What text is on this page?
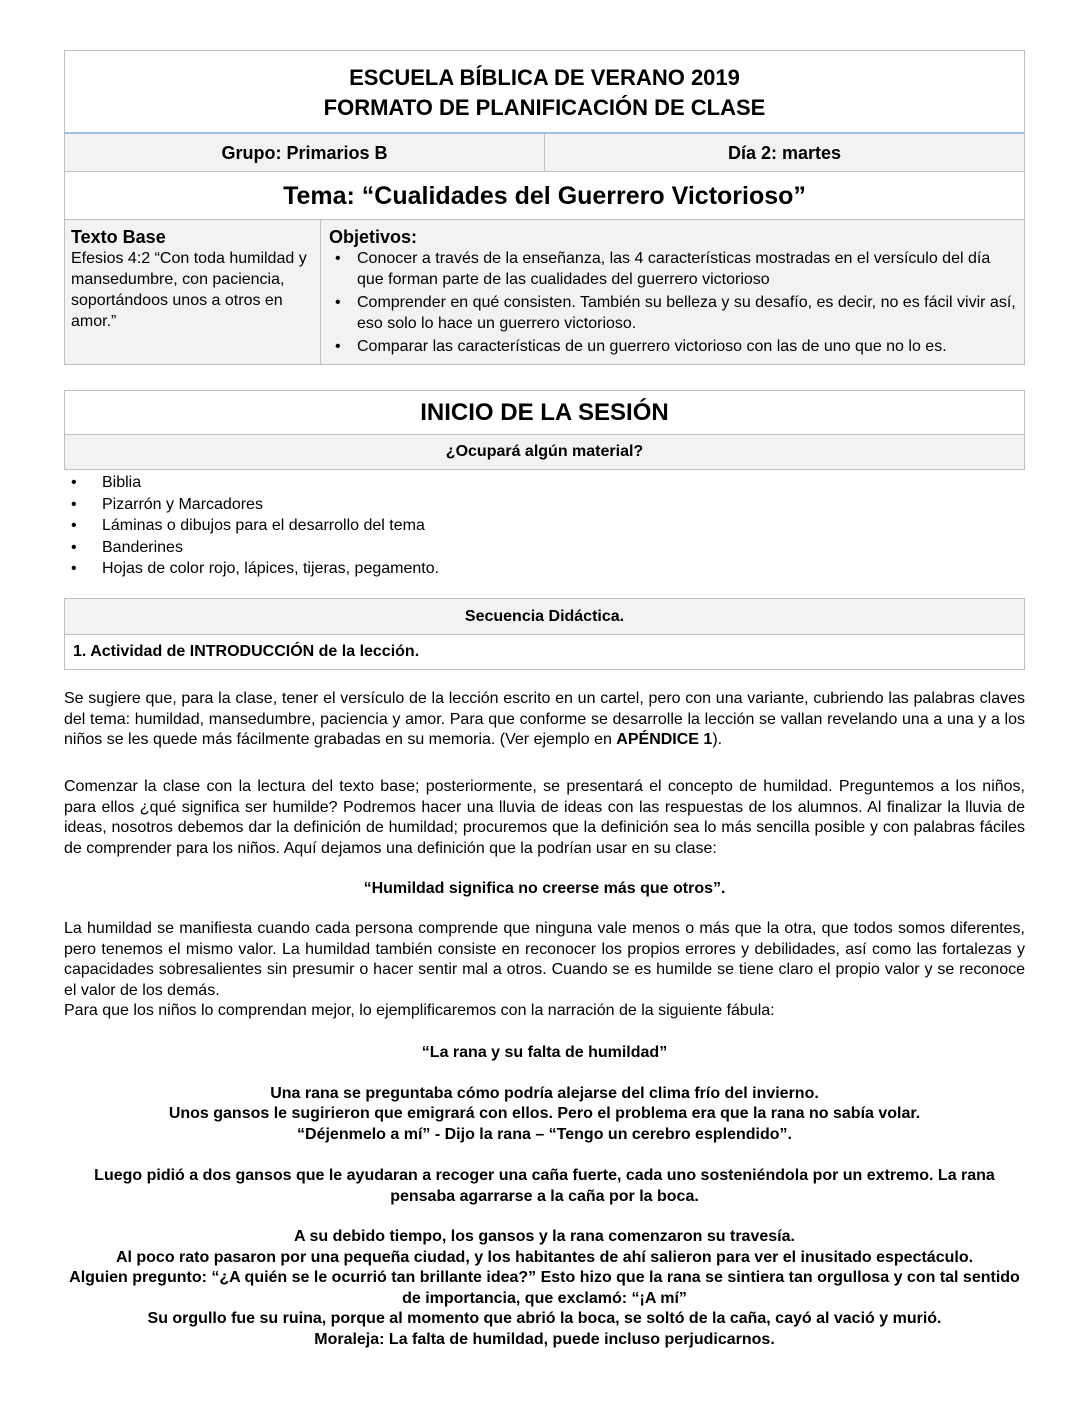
ESCUELA BÍBLICA DE VERANO 2019
FORMATO DE PLANIFICACIÓN DE CLASE
Grupo: Primarios B	Día 2: martes
Tema: “Cualidades del Guerrero Victorioso”
Texto Base
Efesios 4:2 “Con toda humildad y mansedumbre, con paciencia, soportándoos unos a otros en amor.”
Objetivos:
• Conocer a través de la enseñanza, las 4 características mostradas en el versículo del día que forman parte de las cualidades del guerrero victorioso
• Comprender en qué consisten. También su belleza y su desafío, es decir, no es fácil vivir así, eso solo lo hace un guerrero victorioso.
• Comparar las características de un guerrero victorioso con las de uno que no lo es.
INICIO DE LA SESIÓN
¿Ocupará algún material?
• Biblia
• Pizarrón y Marcadores
• Láminas o dibujos para el desarrollo del tema
• Banderines
• Hojas de color rojo, lápices, tijeras, pegamento.
Secuencia Didáctica.
1. Actividad de INTRODUCCIÓN de la lección.

Se sugiere que, para la clase, tener el versículo de la lección escrito en un cartel, pero con una variante, cubriendo las palabras claves del tema: humildad, mansedumbre, paciencia y amor. Para que conforme se desarrolle la lección se vallan revelando una a una y a los niños se les quede más fácilmente grabadas en su memoria. (Ver ejemplo en APÉNDICE 1).

Comenzar la clase con la lectura del texto base; posteriormente, se presentará el concepto de humildad. Preguntemos a los niños, para ellos ¿qué significa ser humilde? Podremos hacer una lluvia de ideas con las respuestas de los alumnos. Al finalizar la lluvia de ideas, nosotros debemos dar la definición de humildad; procuremos que la definición sea lo más sencilla posible y con palabras fáciles de comprender para los niños. Aquí dejamos una definición que la podrían usar en su clase:

“Humildad significa no creerse más que otros”.

La humildad se manifiesta cuando cada persona comprende que ninguna vale menos o más que la otra, que todos somos diferentes, pero tenemos el mismo valor. La humildad también consiste en reconocer los propios errores y debilidades, así como las fortalezas y capacidades sobresalientes sin presumir o hacer sentir mal a otros. Cuando se es humilde se tiene claro el propio valor y se reconoce el valor de los demás.

Para que los niños lo comprendan mejor, lo ejemplificaremos con la narración de la siguiente fábula:

“La rana y su falta de humildad”

Una rana se preguntaba cómo podría alejarse del clima frío del invierno.

Unos gansos le sugirieron que emigrará con ellos. Pero el problema era que la rana no sabía volar.

“Déjenmelo a mí” - Dijo la rana – “Tengo un cerebro esplendido”.

Luego pidió a dos gansos que le ayudaran a recoger una caña fuerte, cada uno sosteniéndola por un extremo. La rana pensaba agarrarse a la caña por la boca.

A su debido tiempo, los gansos y la rana comenzaron su travesía.

Al poco rato pasaron por una pequeña ciudad, y los habitantes de ahí salieron para ver el inusitado espectáculo.

Alguien pregunto: “¿A quién se le ocurrió tan brillante idea?” Esto hizo que la rana se sintiera tan orgullosa y con tal sentido de importancia, que exclamó: “¡A mí”

Su orgullo fue su ruina, porque al momento que abrió la boca, se soltó de la caña, cayó al vació y murió.

Moraleja: La falta de humildad, puede incluso perjudicarnos.
